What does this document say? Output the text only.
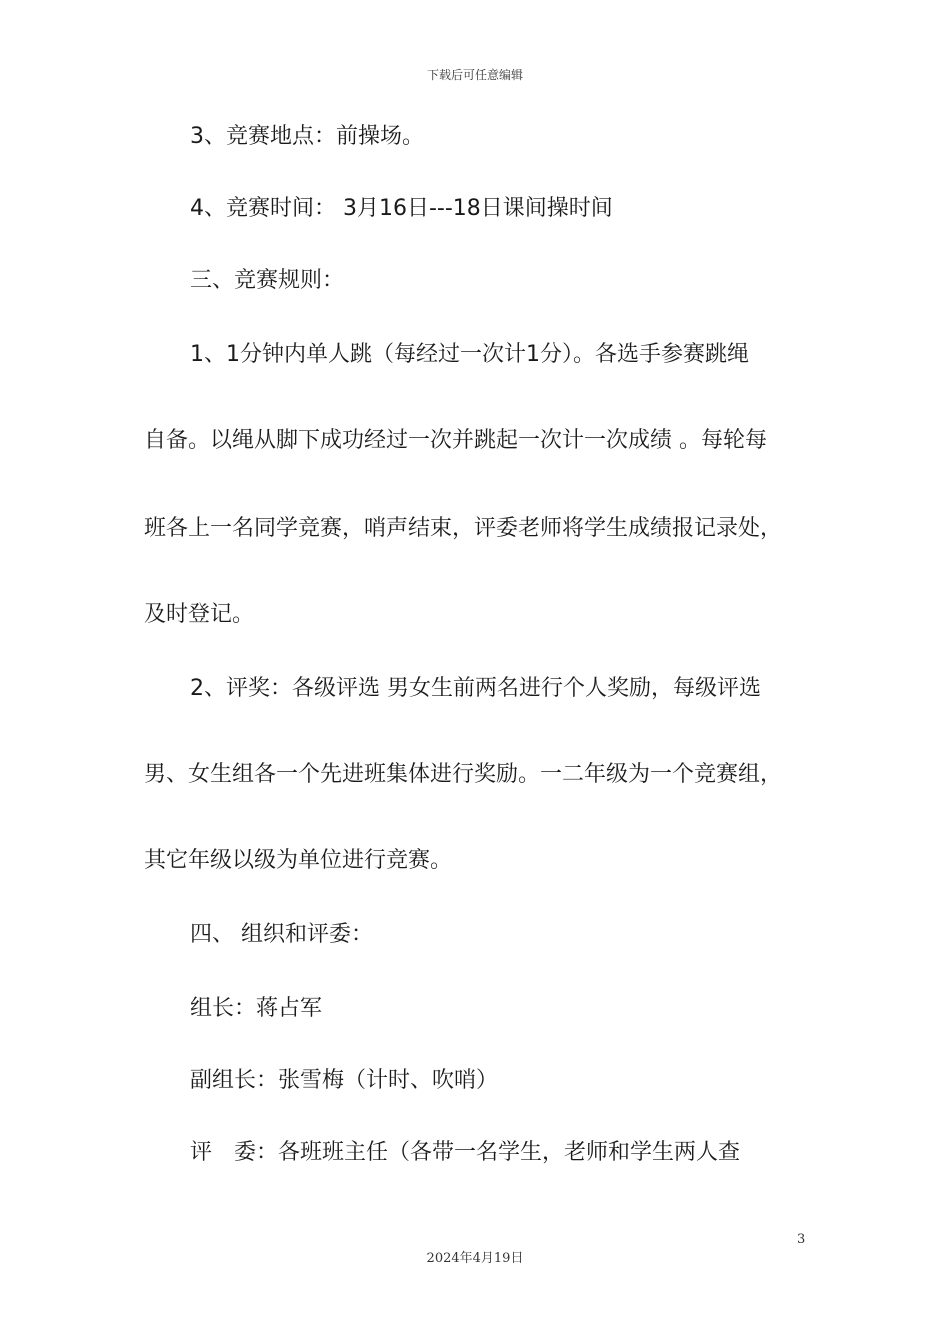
下载后可任意编辑
3、竞赛地点：前操场。
4、竞赛时间： 3月16日---18日课间操时间
三、竞赛规则：
1、1分钟内单人跳（每经过一次计1分）。各选手参赛跳绳
自备。以绳从脚下成功经过一次并跳起一次计一次成绩 。每轮每
班各上一名同学竞赛，哨声结束，评委老师将学生成绩报记录处，
及时登记。
2、评奖：各级评选 男女生前两名进行个人奖励，每级评选
男、女生组各一个先进班集体进行奖励。一二年级为一个竞赛组，
其它年级以级为单位进行竞赛。
四、 组织和评委：
组长：蒋占军
副组长：张雪梅（计时、吹哨）
评　委：各班班主任（各带一名学生，老师和学生两人查
3
2024年4月19日
